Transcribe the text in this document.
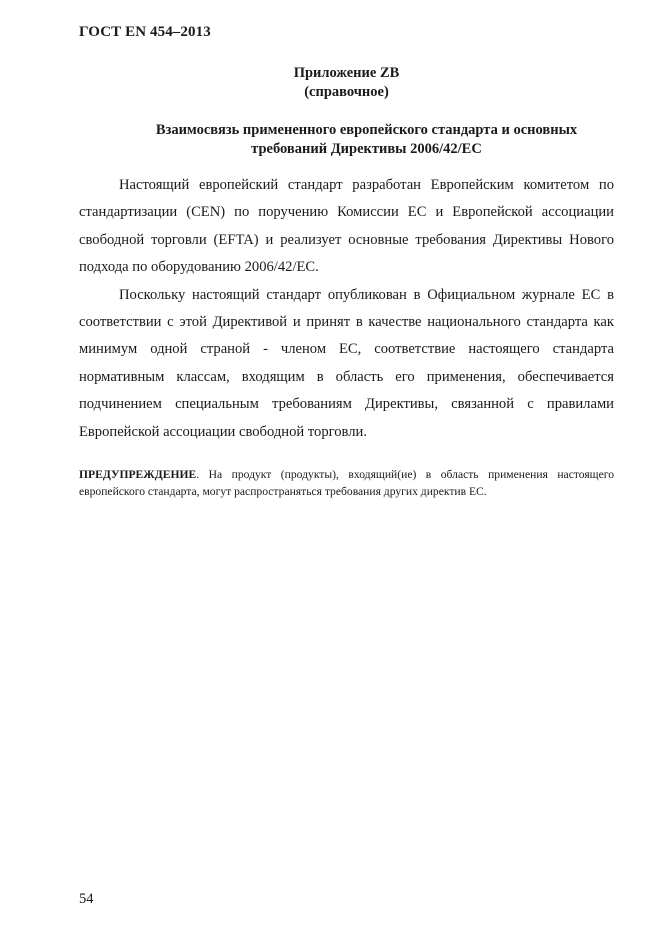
ГОСТ EN 454–2013
Приложение ZB
(справочное)
Взаимосвязь примененного европейского стандарта и основных
требований Директивы 2006/42/ЕС

Настоящий европейский стандарт разработан Европейским комитетом по стандартизации (CEN) по поручению Комиссии ЕС и Европейской ассоциации свободной торговли (EFTA) и реализует основные требования Директивы Нового подхода по оборудованию 2006/42/ЕС.

Поскольку настоящий стандарт опубликован в Официальном журнале ЕС в соответствии с этой Директивой и принят в качестве национального стандарта как минимум одной страной - членом ЕС, соответствие настоящего стандарта нормативным классам, входящим в область его применения, обеспечивается подчинением специальным требованиям Директивы, связанной с правилами Европейской ассоциации свободной торговли.

ПРЕДУПРЕЖДЕНИЕ. На продукт (продукты), входящий(ие) в область применения настоящего европейского стандарта, могут распространяться требования других директив ЕС.
54
